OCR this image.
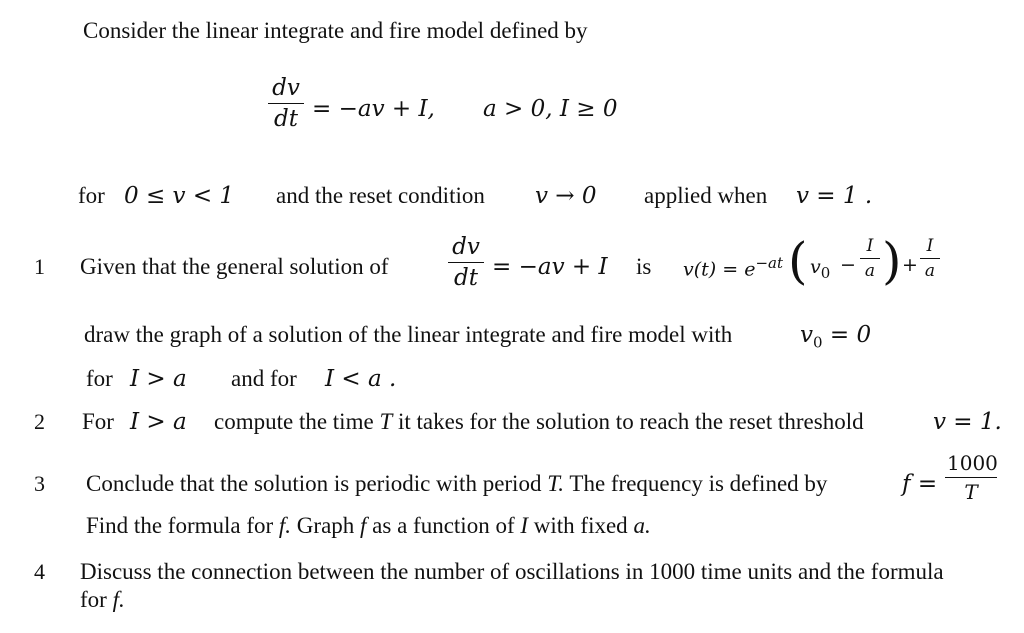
Consider the linear integrate and fire model defined by
dv
dt = −av + I, a > 0, I ≥ 0
for 0 ≤ v < 1 and the reset condition v → 0 applied when v = 1 .
1 Given that the general solution of
dv
dt = −av + I is $v(t) = e^{-at}$ ( $v_0$ −
I
a ) +
I
a
draw the graph of a solution of the linear integrate and fire model with	$v_0 = 0$
for I > a and for I < a .
2 For I > a compute the time T it takes for the solution to reach the reset threshold	v = 1.
3 Conclude that the solution is periodic with period T. The frequency is defined by	f =
1000
T
Find the formula for f. Graph f as a function of I with fixed a.
4 Discuss the connection between the number of oscillations in 1000 time units and the formula
for f.
